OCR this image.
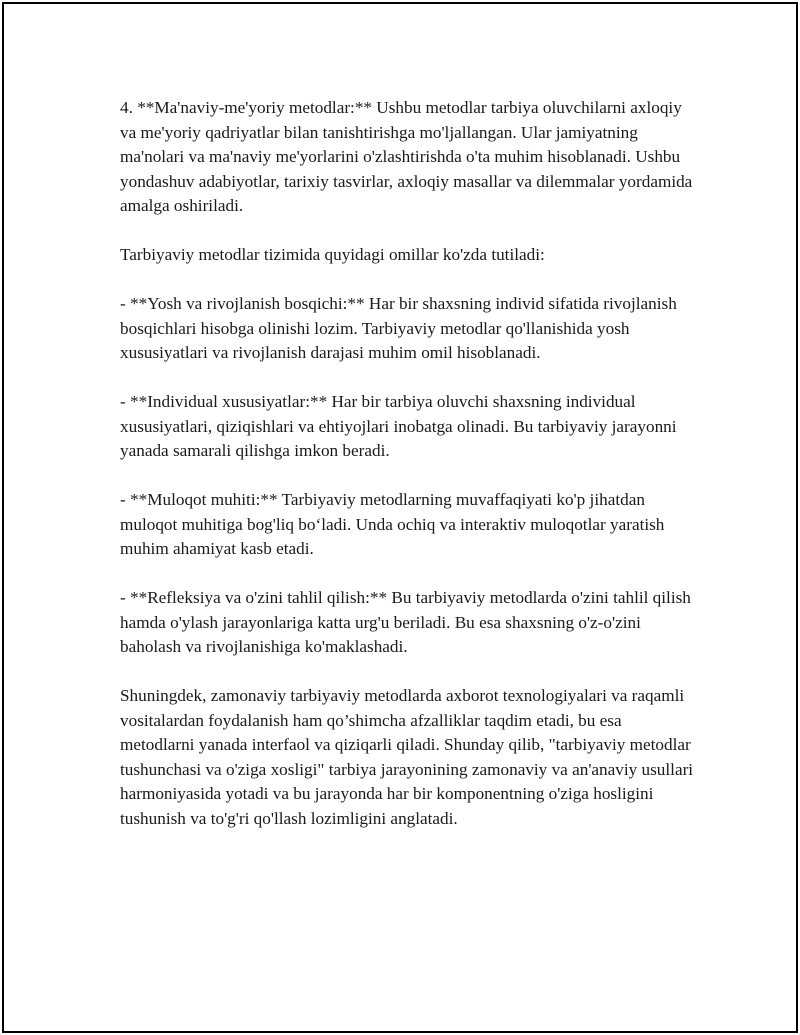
4. **Ma'naviy-me'yoriy metodlar:** Ushbu metodlar tarbiya oluvchilarni axloqiy va me'yoriy qadriyatlar bilan tanishtirishga mo'ljallangan. Ular jamiyatning ma'nolari va ma'naviy me'yorlarini o'zlashtirishda o'ta muhim hisoblanadi. Ushbu yondashuv adabiyotlar, tarixiy tasvirlar, axloqiy masallar va dilemmalar yordamida amalga oshiriladi.

Tarbiyaviy metodlar tizimida quyidagi omillar ko'zda tutiladi:

- **Yosh va rivojlanish bosqichi:** Har bir shaxsning individ sifatida rivojlanish bosqichlari hisobga olinishi lozim. Tarbiyaviy metodlar qo'llanishida yosh xususiyatlari va rivojlanish darajasi muhim omil hisoblanadi.

- **Individual xususiyatlar:** Har bir tarbiya oluvchi shaxsning individual xususiyatlari, qiziqishlari va ehtiyojlari inobatga olinadi. Bu tarbiyaviy jarayonni yanada samarali qilishga imkon beradi.

- **Muloqot muhiti:** Tarbiyaviy metodlarning muvaffaqiyati ko'p jihatdan muloqot muhitiga bog'liq bo‘ladi. Unda ochiq va interaktiv muloqotlar yaratish muhim ahamiyat kasb etadi.

- **Refleksiya va o'zini tahlil qilish:** Bu tarbiyaviy metodlarda o'zini tahlil qilish hamda o'ylash jarayonlariga katta urg'u beriladi. Bu esa shaxsning o'z-o'zini baholash va rivojlanishiga ko'maklashadi.

Shuningdek, zamonaviy tarbiyaviy metodlarda axborot texnologiyalari va raqamli vositalardan foydalanish ham qo’shimcha afzalliklar taqdim etadi, bu esa metodlarni yanada interfaol va qiziqarli qiladi. Shunday qilib, "tarbiyaviy metodlar tushunchasi va o'ziga xosligi" tarbiya jarayonining zamonaviy va an'anaviy usullari harmoniyasida yotadi va bu jarayonda har bir komponentning o'ziga hosligini tushunish va to'g'ri qo'llash lozimligini anglatadi.
